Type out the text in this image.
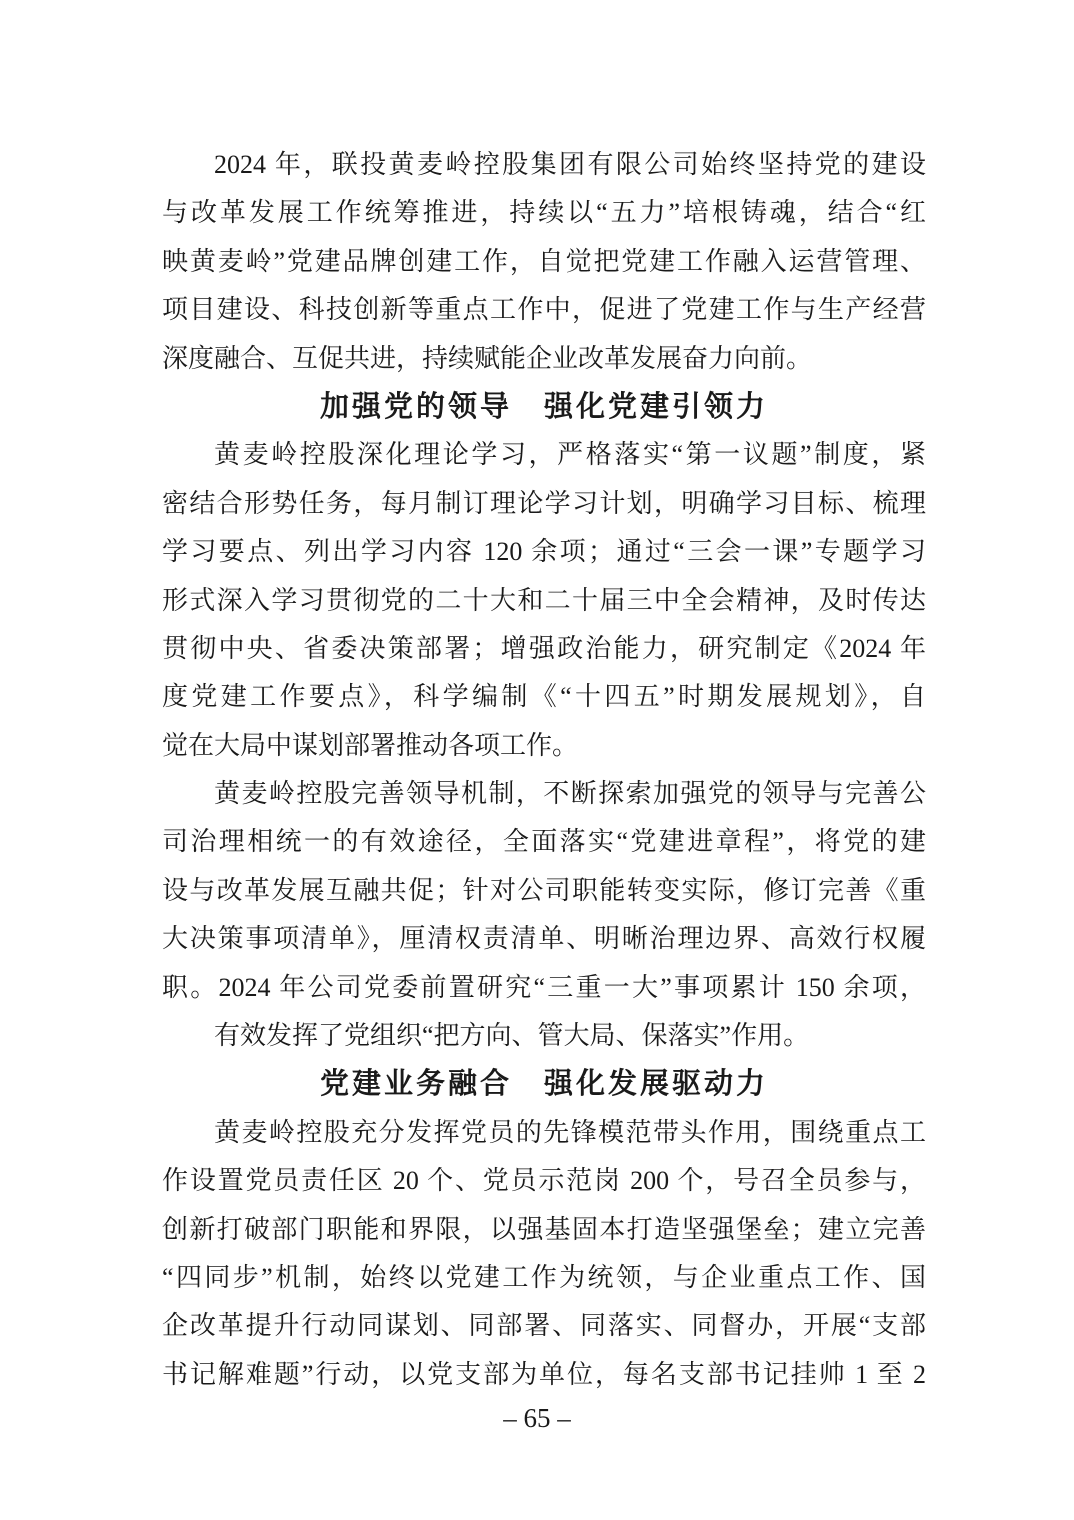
2024 年，联投黄麦岭控股集团有限公司始终坚持党的建设
与改革发展工作统筹推进，持续以“五力”培根铸魂，结合“红
映黄麦岭”党建品牌创建工作，自觉把党建工作融入运营管理、
项目建设、科技创新等重点工作中，促进了党建工作与生产经营
深度融合、互促共进，持续赋能企业改革发展奋力向前。
加强党的领导　强化党建引领力
黄麦岭控股深化理论学习，严格落实“第一议题”制度，紧
密结合形势任务，每月制订理论学习计划，明确学习目标、梳理
学习要点、列出学习内容 120 余项；通过“三会一课”专题学习
形式深入学习贯彻党的二十大和二十届三中全会精神，及时传达
贯彻中央、省委决策部署；增强政治能力，研究制定《2024 年
度党建工作要点》，科学编制《“十四五”时期发展规划》，自
觉在大局中谋划部署推动各项工作。
黄麦岭控股完善领导机制，不断探索加强党的领导与完善公
司治理相统一的有效途径，全面落实“党建进章程”，将党的建
设与改革发展互融共促；针对公司职能转变实际，修订完善《重
大决策事项清单》，厘清权责清单、明晰治理边界、高效行权履
职。2024 年公司党委前置研究“三重一大”事项累计 150 余项，
有效发挥了党组织“把方向、管大局、保落实”作用。
党建业务融合　强化发展驱动力
黄麦岭控股充分发挥党员的先锋模范带头作用，围绕重点工
作设置党员责任区 20 个、党员示范岗 200 个，号召全员参与，
创新打破部门职能和界限，以强基固本打造坚强堡垒；建立完善
“四同步”机制，始终以党建工作为统领，与企业重点工作、国
企改革提升行动同谋划、同部署、同落实、同督办，开展“支部
书记解难题”行动，以党支部为单位，每名支部书记挂帅 1 至 2
– 65 –
